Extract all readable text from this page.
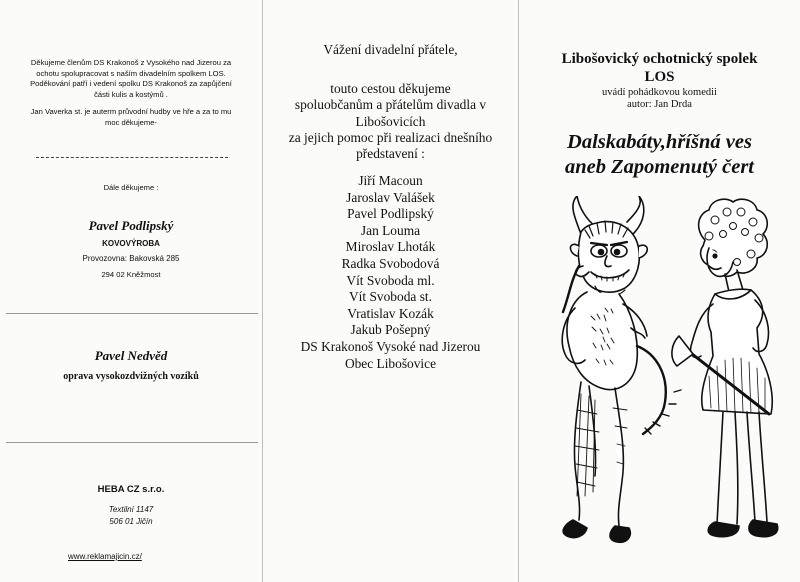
Děkujeme členům DS Krakonoš z Vysokého nad Jizerou za
ochotu spolupracovat s naším divadelním spolkem LOS.
Poděkování patří i vedení spolku DS Krakonoš za zapůjčení
části kulis a kostýmů .
Jan Vaverka st. je auterm průvodní hudby ve hře a za to mu
moc děkujeme-
Dále děkujeme :
Pavel Podlipský
KOVOVÝROBA
Provozovna: Bakovská 285
294 02 Kněžmost
Pavel Nedvěd
oprava vysokozdvižných vozíků
HEBA CZ s.r.o.
Textilní 1147
506 01 Jičín
www.reklamajicin.cz/
Vážení divadelní přátele,
touto cestou děkujeme
spoluobčanům a přátelům divadla v
Libošovicích
za jejich pomoc při realizaci dnešního
představení :
Jiří Macoun
Jaroslav Valášek
Pavel Podlipský
Jan Louma
Miroslav Lhoták
Radka Svobodová
Vít Svoboda ml.
Vít Svoboda st.
Vratislav Kozák
Jakub Pošepný
DS Krakonoš Vysoké nad Jizerou
Obec Libošovice
Libošovický ochotnický spolek
LOS
uvádí pohádkovou komedii
autor: Jan Drda
Dalskabáty,hříšná ves
aneb Zapomenutý čert
